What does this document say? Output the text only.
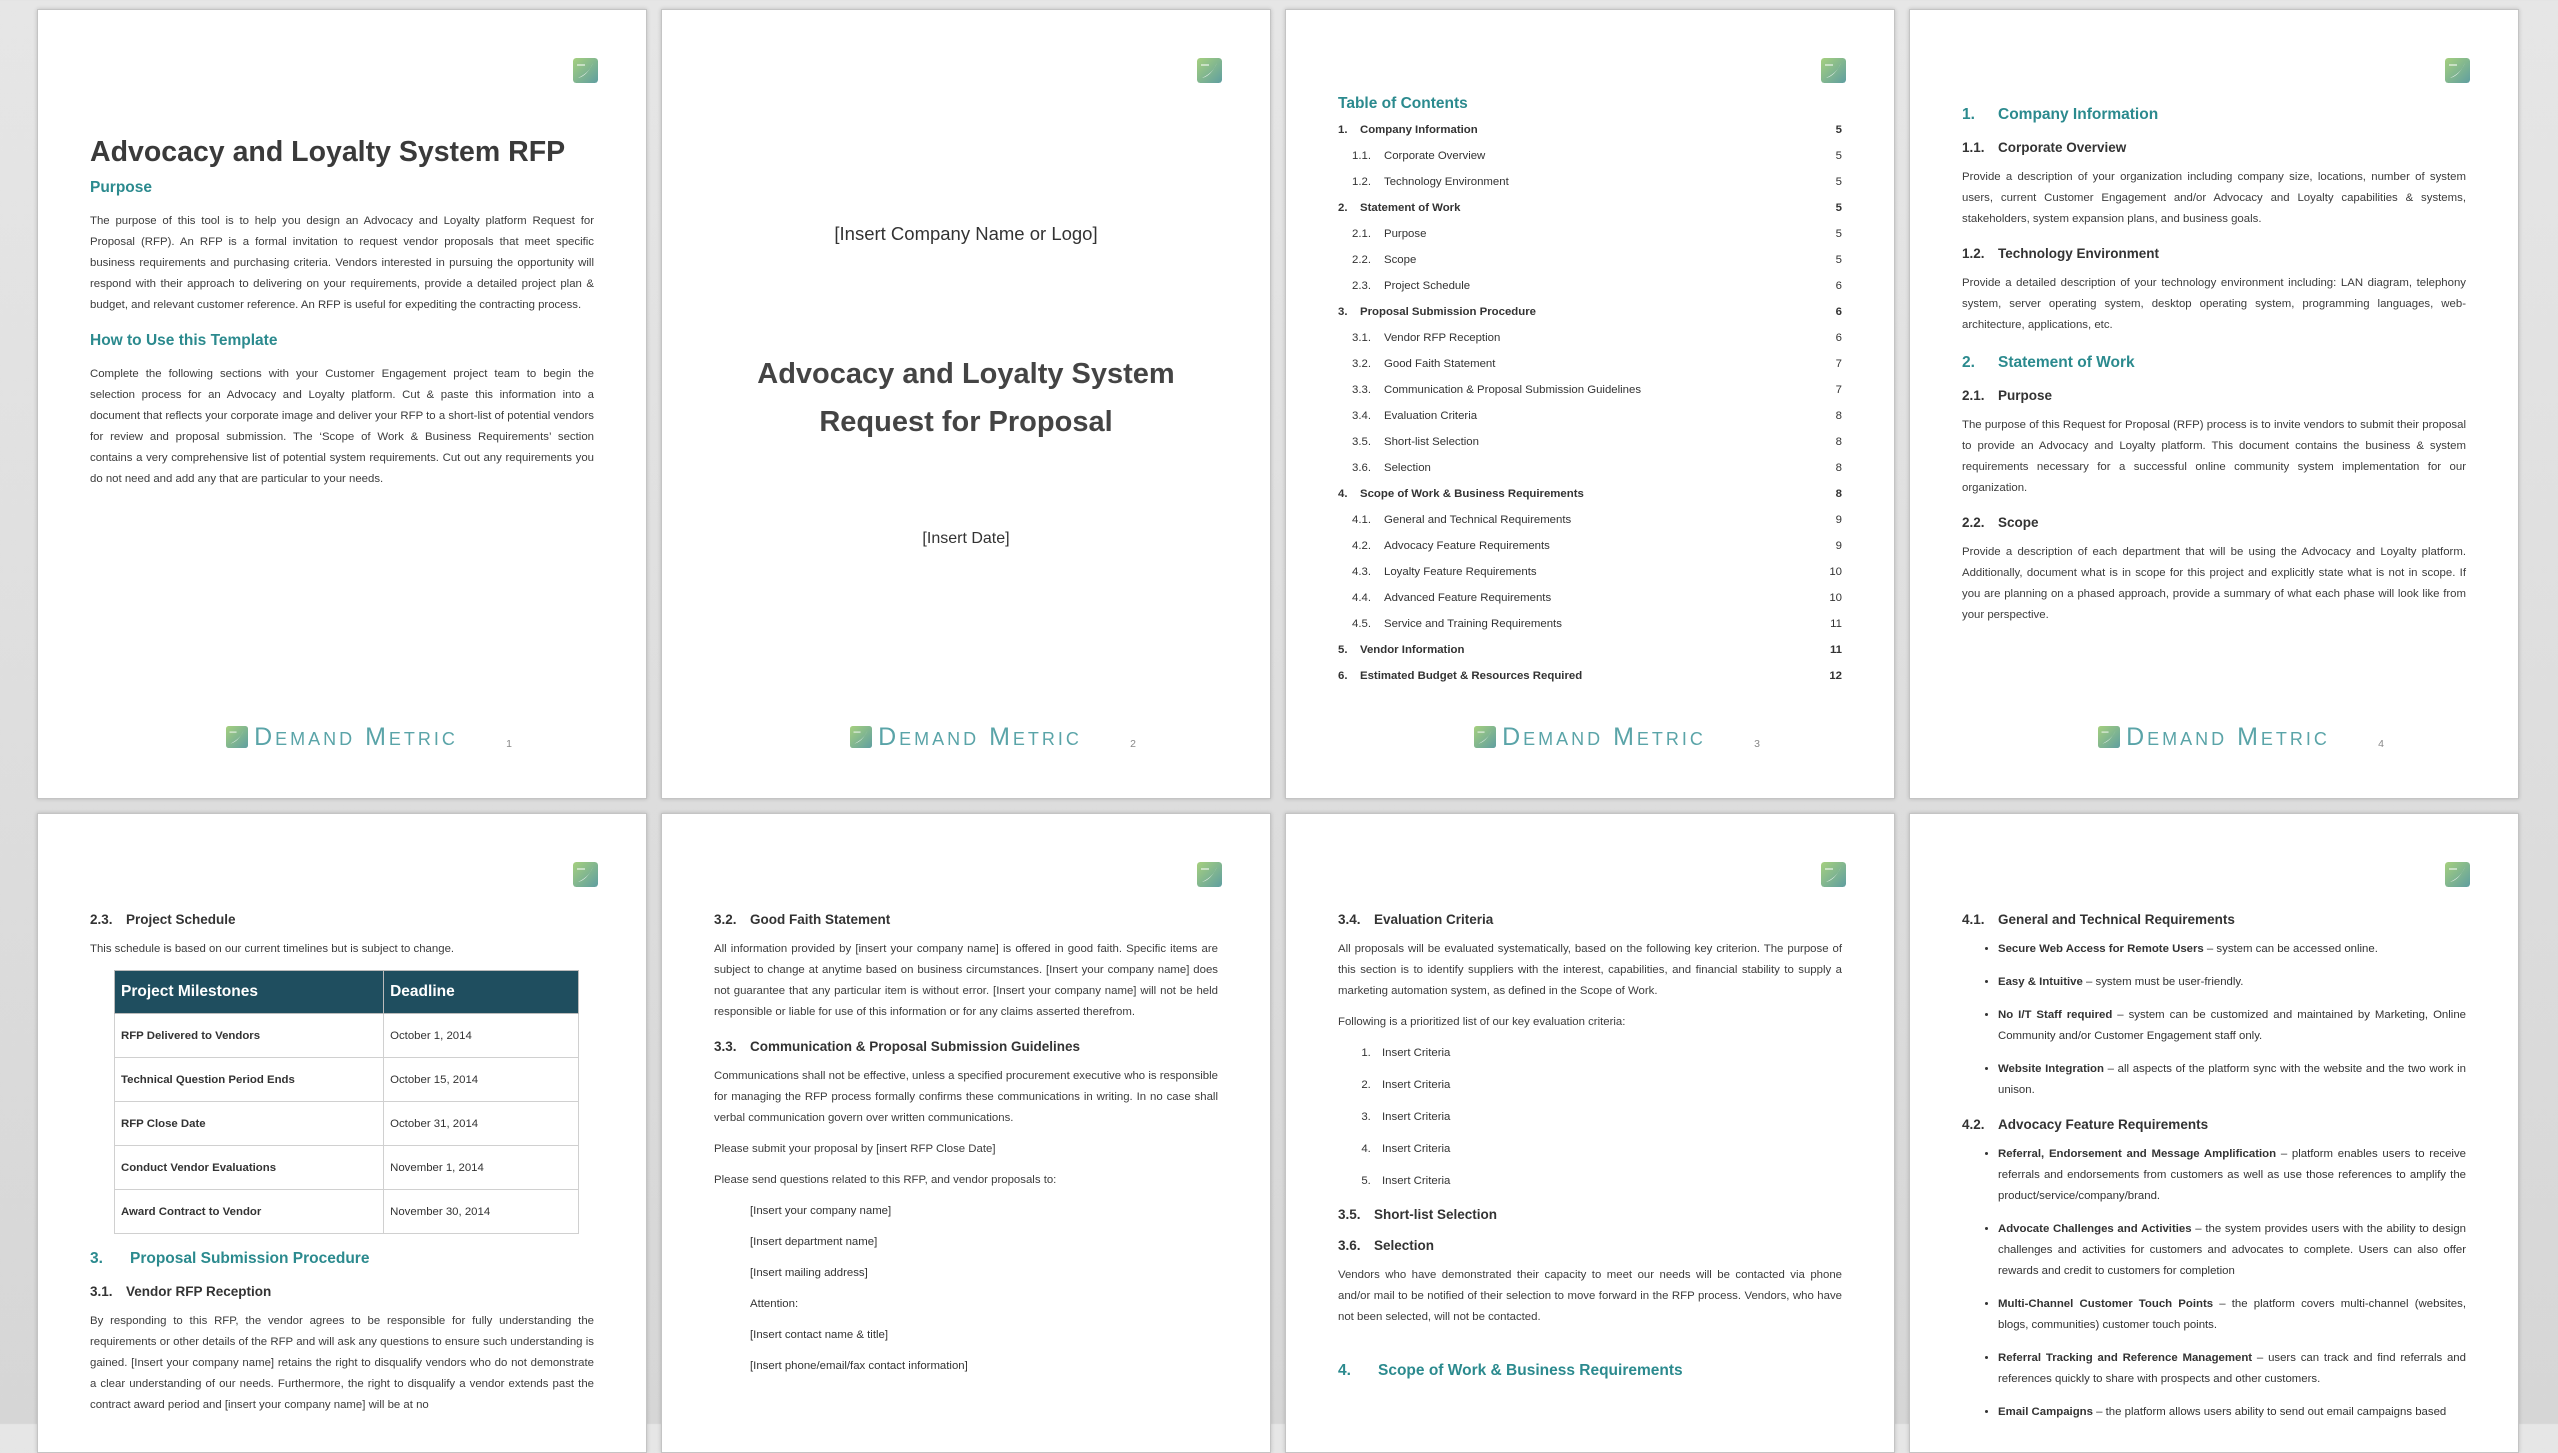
Advocacy and Loyalty System RFP
Purpose

The purpose of this tool is to help you design an Advocacy and Loyalty platform Request for Proposal (RFP). An RFP is a formal invitation to request vendor proposals that meet specific business requirements and purchasing criteria. Vendors interested in pursuing the opportunity will respond with their approach to delivering on your requirements, provide a detailed project plan & budget, and relevant customer reference. An RFP is useful for expediting the contracting process.

How to Use this Template

Complete the following sections with your Customer Engagement project team to begin the selection process for an Advocacy and Loyalty platform. Cut & paste this information into a document that reflects your corporate image and deliver your RFP to a short-list of potential vendors for review and proposal submission. The ‘Scope of Work & Business Requirements’ section contains a very comprehensive list of potential system requirements. Cut out any requirements you do not need and add any that are particular to your needs.

Demand Metric	1
[Insert Company Name or Logo]
Advocacy and Loyalty System
Request for Proposal
[Insert Date]
Demand Metric	2
Table of Contents
1. Company Information	5
1.1. Corporate Overview	5
1.2. Technology Environment	5
2. Statement of Work	5
2.1. Purpose	5
2.2. Scope	5
2.3. Project Schedule	6
3. Proposal Submission Procedure	6
3.1. Vendor RFP Reception	6
3.2. Good Faith Statement	7
3.3. Communication & Proposal Submission Guidelines	7
3.4. Evaluation Criteria	8
3.5. Short-list Selection	8
3.6. Selection	8
4. Scope of Work & Business Requirements	8
4.1. General and Technical Requirements	9
4.2. Advocacy Feature Requirements	9
4.3. Loyalty Feature Requirements	10
4.4. Advanced Feature Requirements	10
4.5. Service and Training Requirements	11
5. Vendor Information	11
6. Estimated Budget & Resources Required	12
Demand Metric	3
1. Company Information
1.1. Corporate Overview

Provide a description of your organization including company size, locations, number of system users, current Customer Engagement and/or Advocacy and Loyalty capabilities & systems, stakeholders, system expansion plans, and business goals.

1.2. Technology Environment

Provide a detailed description of your technology environment including: LAN diagram, telephony system, server operating system, desktop operating system, programming languages, web-architecture, applications, etc.

2. Statement of Work
2.1. Purpose

The purpose of this Request for Proposal (RFP) process is to invite vendors to submit their proposal to provide an Advocacy and Loyalty platform. This document contains the business & system requirements necessary for a successful online community system implementation for our organization.

2.2. Scope

Provide a description of each department that will be using the Advocacy and Loyalty platform. Additionally, document what is in scope for this project and explicitly state what is not in scope. If you are planning on a phased approach, provide a summary of what each phase will look like from your perspective.

Demand Metric	4
2.3. Project Schedule

This schedule is based on our current timelines but is subject to change.

Project Milestones	Deadline
RFP Delivered to Vendors	October 1, 2014
Technical Question Period Ends	October 15, 2014
RFP Close Date	October 31, 2014
Conduct Vendor Evaluations	November 1, 2014
Award Contract to Vendor	November 30, 2014
3. Proposal Submission Procedure
3.1. Vendor RFP Reception

By responding to this RFP, the vendor agrees to be responsible for fully understanding the requirements or other details of the RFP and will ask any questions to ensure such understanding is gained. [Insert your company name] retains the right to disqualify vendors who do not demonstrate a clear understanding of our needs. Furthermore, the right to disqualify a vendor extends past the contract award period and [insert your company name] will be at no

3.2. Good Faith Statement

All information provided by [insert your company name] is offered in good faith. Specific items are subject to change at anytime based on business circumstances. [Insert your company name] does not guarantee that any particular item is without error. [Insert your company name] will not be held responsible or liable for use of this information or for any claims asserted therefrom.

3.3. Communication & Proposal Submission Guidelines

Communications shall not be effective, unless a specified procurement executive who is responsible for managing the RFP process formally confirms these communications in writing. In no case shall verbal communication govern over written communications.

Please submit your proposal by [insert RFP Close Date]

Please send questions related to this RFP, and vendor proposals to:

[Insert your company name]
[Insert department name]
[Insert mailing address]
Attention:
[Insert contact name & title]
[Insert phone/email/fax contact information]
3.4. Evaluation Criteria

All proposals will be evaluated systematically, based on the following key criterion. The purpose of this section is to identify suppliers with the interest, capabilities, and financial stability to supply a marketing automation system, as defined in the Scope of Work.

Following is a prioritized list of our key evaluation criteria:

1. Insert Criteria
2. Insert Criteria
3. Insert Criteria
4. Insert Criteria
5. Insert Criteria
3.5. Short-list Selection
3.6. Selection

Vendors who have demonstrated their capacity to meet our needs will be contacted via phone and/or mail to be notified of their selection to move forward in the RFP process. Vendors, who have not been selected, will not be contacted.

4. Scope of Work & Business Requirements
4.1. General and Technical Requirements
• Secure Web Access for Remote Users – system can be accessed online.
• Easy & Intuitive – system must be user-friendly.
• No I/T Staff required – system can be customized and maintained by Marketing, Online Community and/or Customer Engagement staff only.
• Website Integration – all aspects of the platform sync with the website and the two work in unison.
4.2. Advocacy Feature Requirements
• Referral, Endorsement and Message Amplification – platform enables users to receive referrals and endorsements from customers as well as use those references to amplify the product/service/company/brand.
• Advocate Challenges and Activities – the system provides users with the ability to design challenges and activities for customers and advocates to complete. Users can also offer rewards and credit to customers for completion
• Multi-Channel Customer Touch Points – the platform covers multi-channel (websites, blogs, communities) customer touch points.
• Referral Tracking and Reference Management – users can track and find referrals and references quickly to share with prospects and other customers.
• Email Campaigns – the platform allows users ability to send out email campaigns based
